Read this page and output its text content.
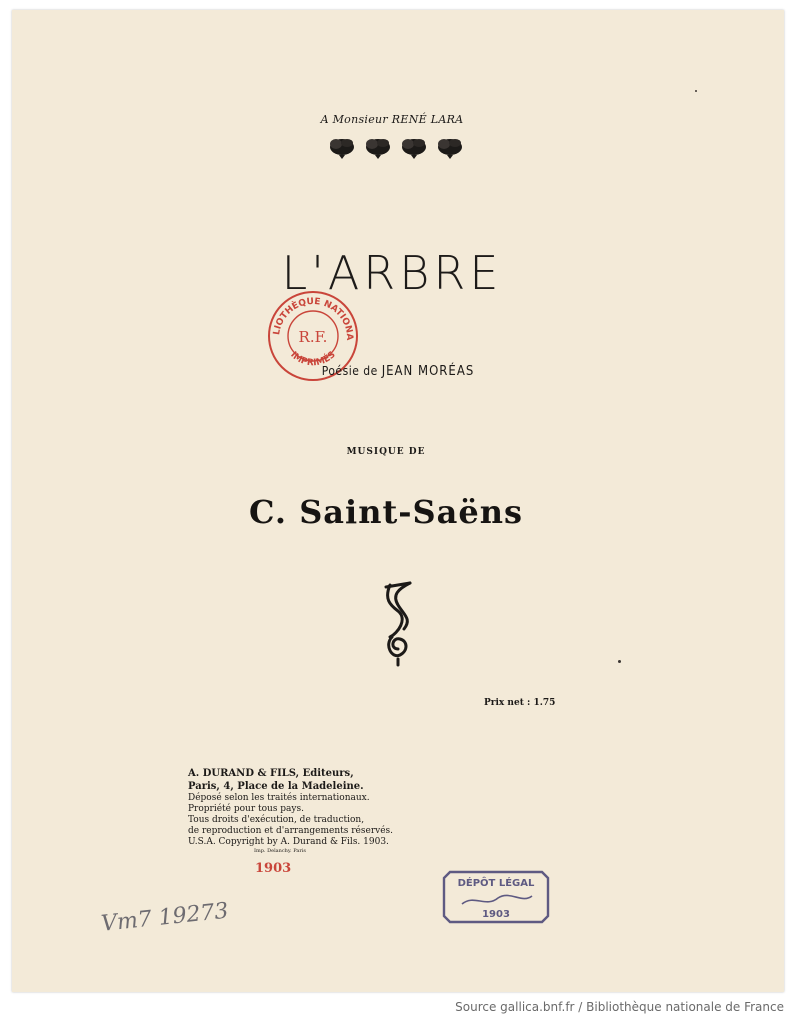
A Monsieur RENÉ LARA
L'ARBRE
LIOTHÈQUE NATIONA
IMPRIMÉS
R.F.
Poésie de JEAN MORÉAS
MUSIQUE DE
C. Saint-Saëns
Prix net : 1.75
A. DURAND & FILS, Editeurs,
Paris, 4, Place de la Madeleine.
Déposé selon les traités internationaux.
Propriété pour tous pays.
Tous droits d'exécution, de traduction,
de reproduction et d'arrangements réservés.
U.S.A. Copyright by A. Durand & Fils. 1903.
Imp. Delanchy. Paris
1903
DÉPÔT LÉGAL
1903
Vm7 19273
Source gallica.bnf.fr / Bibliothèque nationale de France
